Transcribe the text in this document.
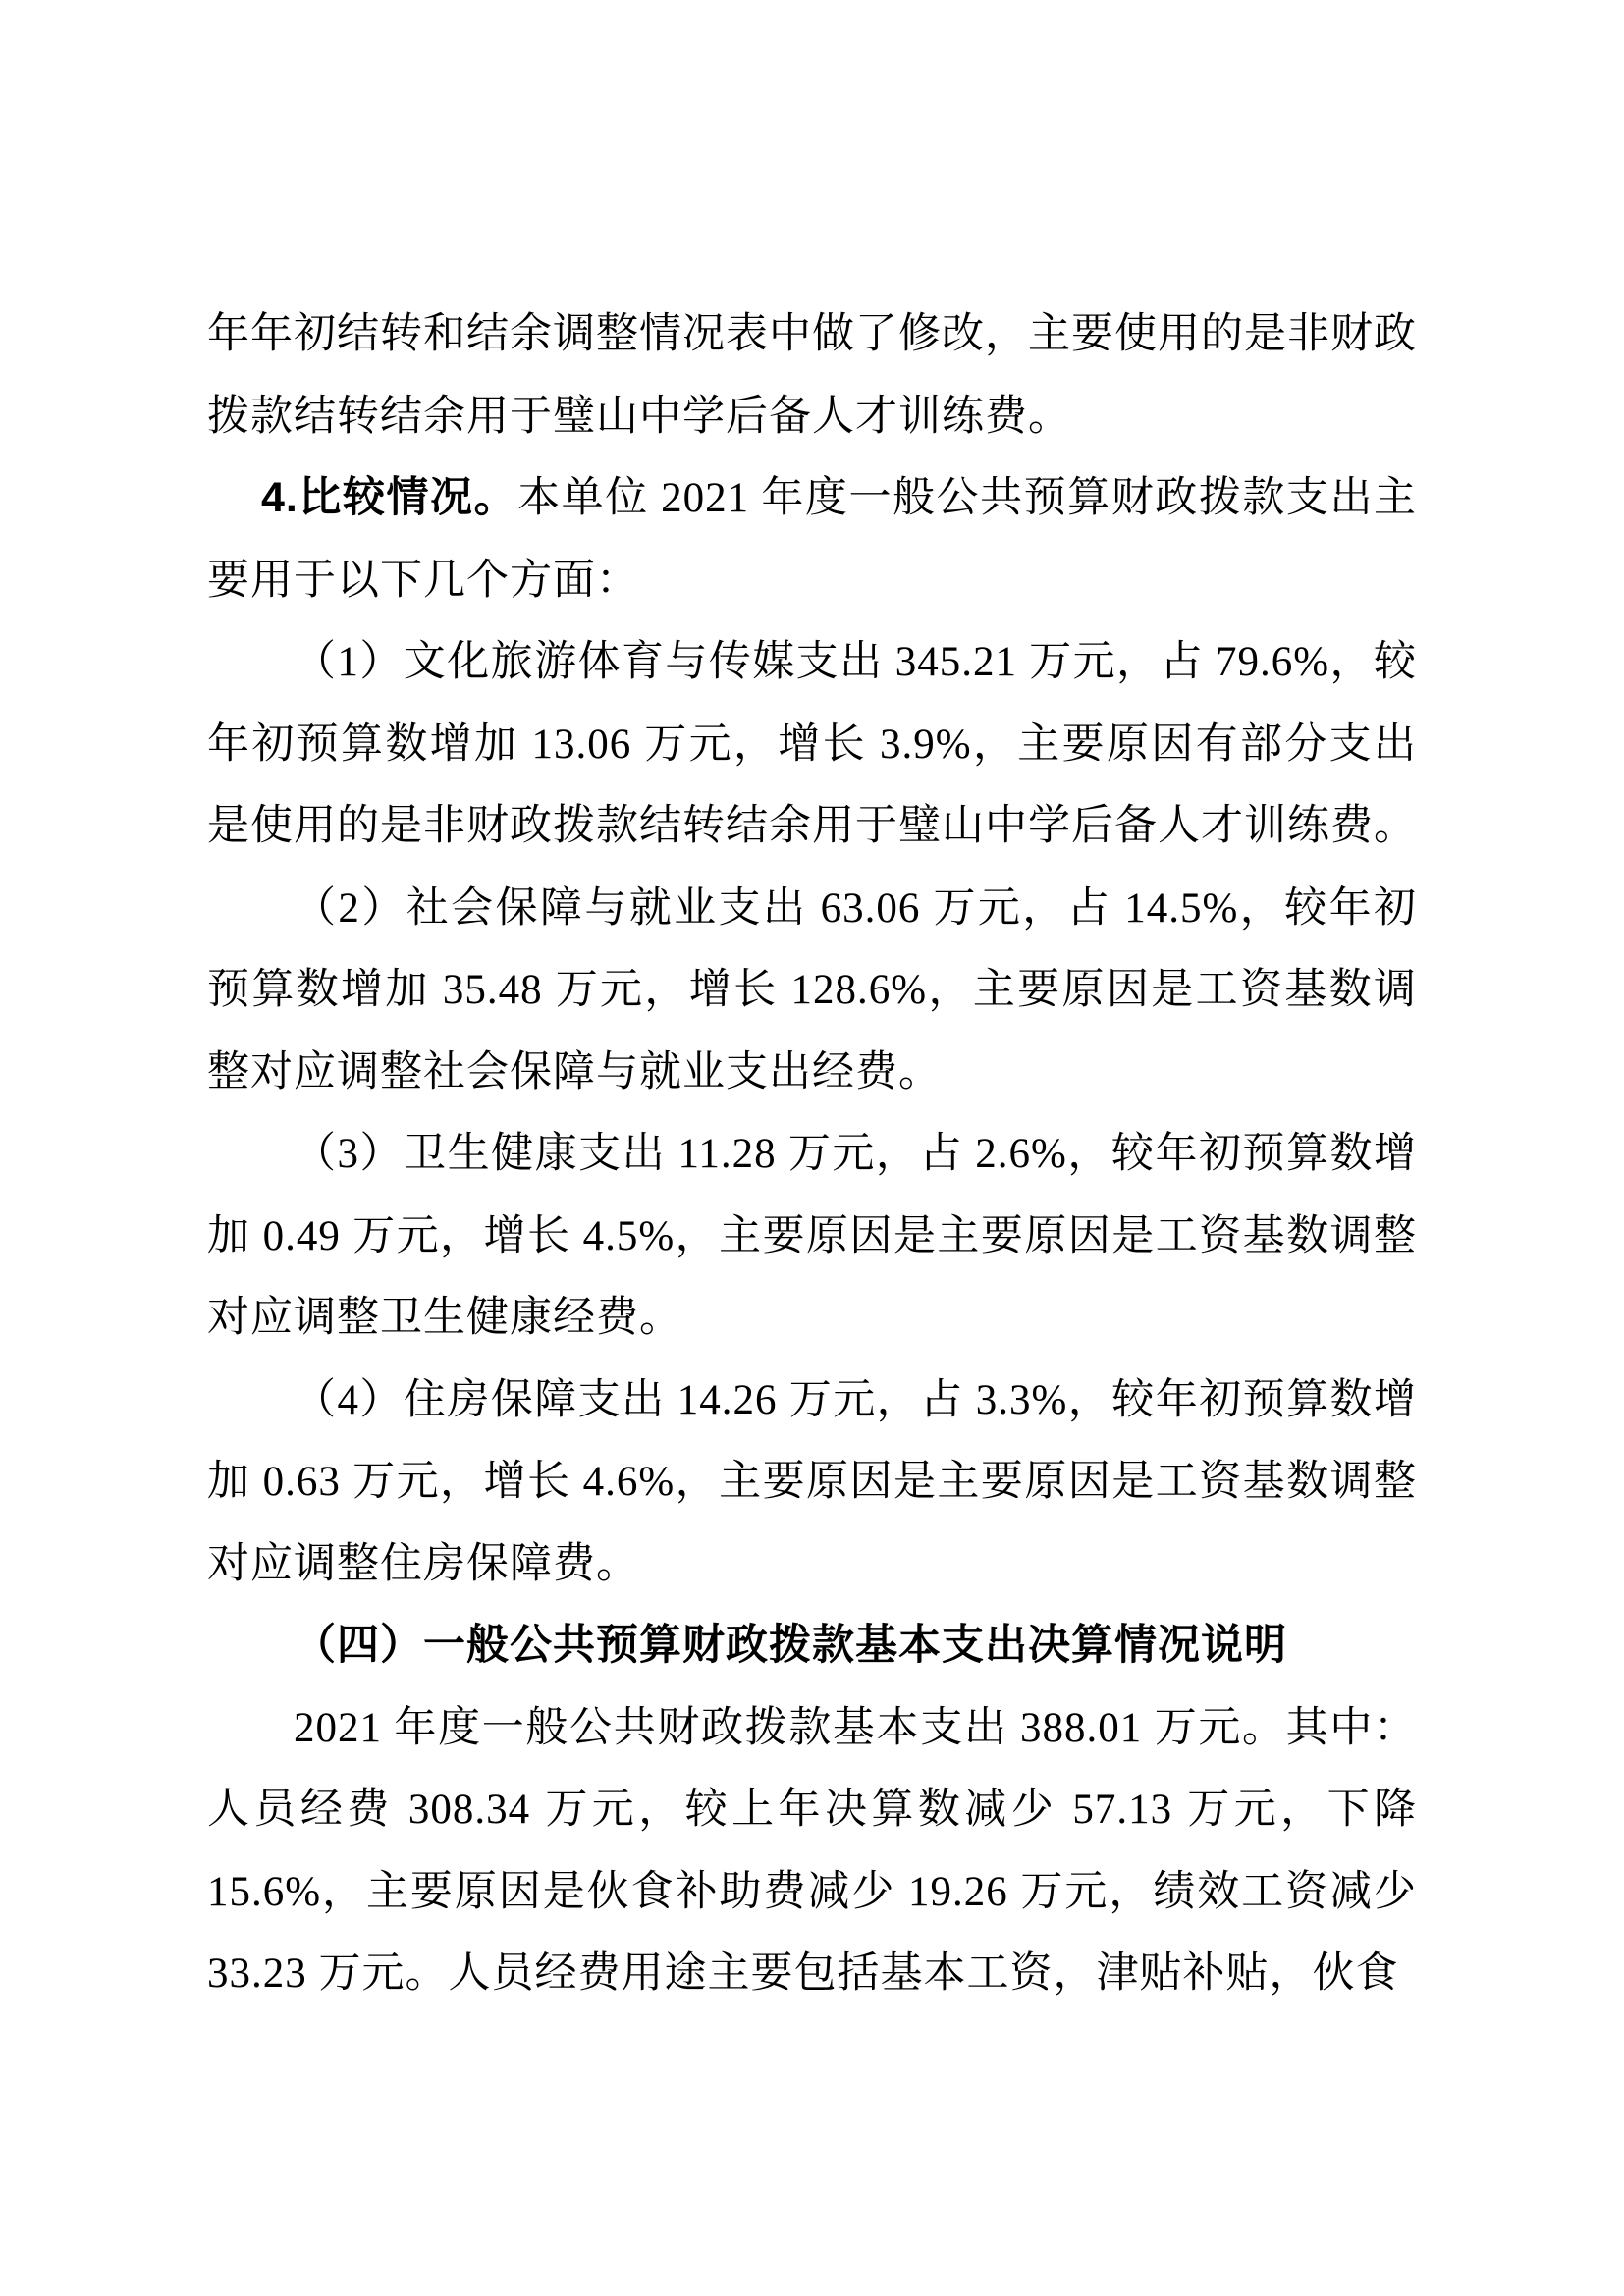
年年初结转和结余调整情况表中做了修改，主要使用的是非财政拨款结转结余用于璧山中学后备人才训练费。

4.比较情况。本单位 2021 年度一般公共预算财政拨款支出主要用于以下几个方面：

（1）文化旅游体育与传媒支出 345.21 万元，占 79.6%，较年初预算数增加 13.06 万元，增长 3.9%，主要原因有部分支出是使用的是非财政拨款结转结余用于璧山中学后备人才训练费。

（2）社会保障与就业支出 63.06 万元，占 14.5%，较年初预算数增加 35.48 万元，增长 128.6%，主要原因是工资基数调整对应调整社会保障与就业支出经费。

（3）卫生健康支出 11.28 万元，占 2.6%，较年初预算数增加 0.49 万元，增长 4.5%，主要原因是主要原因是工资基数调整对应调整卫生健康经费。

（4）住房保障支出 14.26 万元，占 3.3%，较年初预算数增加 0.63 万元，增长 4.6%，主要原因是主要原因是工资基数调整对应调整住房保障费。

（四）一般公共预算财政拨款基本支出决算情况说明

2021 年度一般公共财政拨款基本支出 388.01 万元。其中：人员经费 308.34 万元，较上年决算数减少 57.13 万元，下降 15.6%，主要原因是伙食补助费减少 19.26 万元，绩效工资减少 33.23 万元。人员经费用途主要包括基本工资，津贴补贴，伙食
